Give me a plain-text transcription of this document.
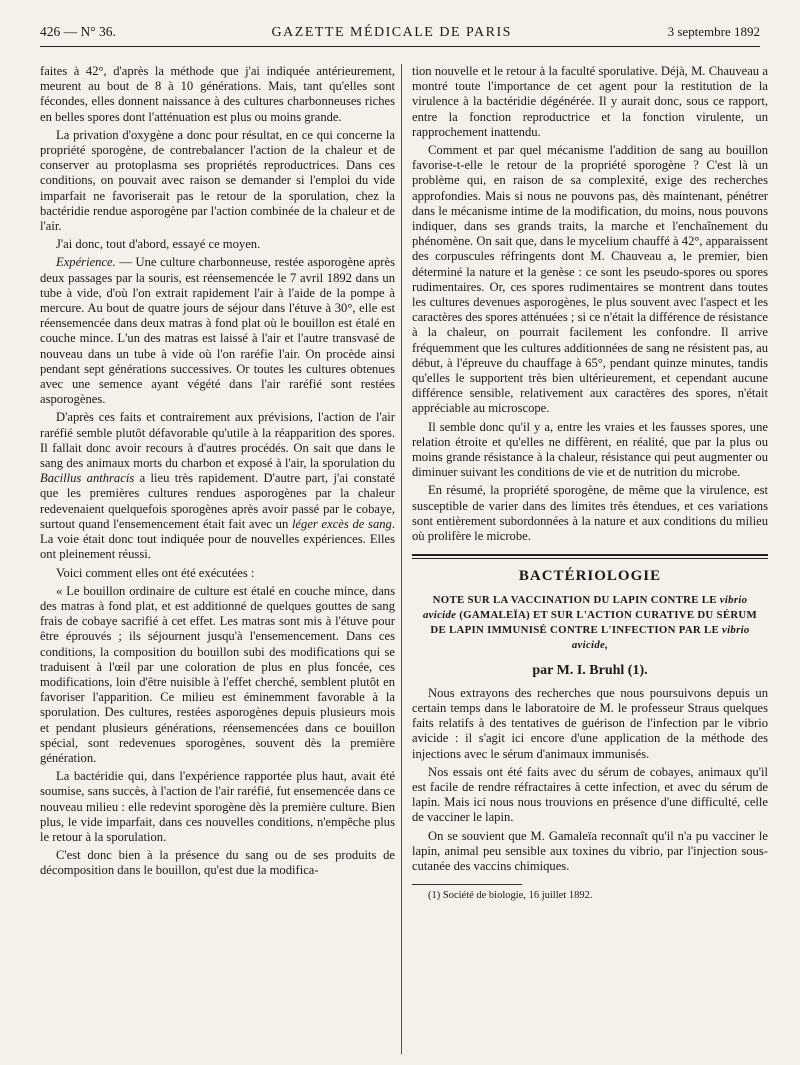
426 — N° 36.	GAZETTE MÉDICALE DE PARIS	3 septembre 1892

faites à 42°, d'après la méthode que j'ai indiquée antérieurement, meurent au bout de 8 à 10 générations. Mais, tant qu'elles sont fécondes, elles donnent naissance à des cultures charbonneuses riches en belles spores dont l'atténuation est plus ou moins grande.

La privation d'oxygène a donc pour résultat, en ce qui concerne la propriété sporogène, de contrebalancer l'action de la chaleur et de conserver au protoplasma ses propriétés reproductrices. Dans ces conditions, on pouvait avec raison se demander si l'emploi du vide imparfait ne favoriserait pas le retour de la sporulation, chez la bactéridie rendue asporogène par l'action combinée de la chaleur et de l'air.

J'ai donc, tout d'abord, essayé ce moyen.

Expérience. — Une culture charbonneuse, restée asporogène après deux passages par la souris, est réensemencée le 7 avril 1892 dans un tube à vide, d'où l'on extrait rapidement l'air à l'aide de la pompe à mercure. Au bout de quatre jours de séjour dans l'étuve à 30°, elle est réensemencée dans deux matras à fond plat où le bouillon est étalé en couche mince. L'un des matras est laissé à l'air et l'autre transvasé de nouveau dans un tube à vide où l'on raréfie l'air. On procède ainsi pendant sept générations successives. Or toutes les cultures obtenues avec une semence ayant végété dans l'air raréfié sont restées asporogènes.

D'après ces faits et contrairement aux prévisions, l'action de l'air raréfié semble plutôt défavorable qu'utile à la réapparition des spores. Il fallait donc avoir recours à d'autres procédés. On sait que dans le sang des animaux morts du charbon et exposé à l'air, la sporulation du Bacillus anthracis a lieu très rapidement. D'autre part, j'ai constaté que les premières cultures rendues asporogènes par la chaleur redevenaient quelquefois sporogènes après avoir passé par le cobaye, surtout quand l'ensemencement était fait avec un léger excès de sang. La voie était donc tout indiquée pour de nouvelles expériences. Elles ont pleinement réussi.

Voici comment elles ont été exécutées :

« Le bouillon ordinaire de culture est étalé en couche mince, dans des matras à fond plat, et est additionné de quelques gouttes de sang frais de cobaye sacrifié à cet effet. Les matras sont mis à l'étuve pour être éprouvés ; ils séjournent jusqu'à l'ensemencement. Dans ces conditions, la composition du bouillon subi des modifications qui se traduisent à l'œil par une coloration de plus en plus foncée, ces modifications, loin d'être nuisible à l'effet cherché, semblent plutôt en favoriser l'apparition. Ce milieu est éminemment favorable à la sporulation. Des cultures, restées asporogènes depuis plusieurs mois et pendant plusieurs générations, réensemencées dans ce bouillon spécial, sont redevenues sporogènes, souvent dès la première génération.

La bactéridie qui, dans l'expérience rapportée plus haut, avait été soumise, sans succès, à l'action de l'air raréfié, fut ensemencée dans ce nouveau milieu : elle redevint sporogène dès la première culture. Bien plus, le vide imparfait, dans ces nouvelles conditions, n'empêche plus le retour à la sporulation.

C'est donc bien à la présence du sang ou de ses produits de décomposition dans le bouillon, qu'est due la modifica-

tion nouvelle et le retour à la faculté sporulative. Déjà, M. Chauveau a montré toute l'importance de cet agent pour la restitution de la virulence à la bactéridie dégénérée. Il y aurait donc, sous ce rapport, entre la fonction reproductrice et la fonction virulente, un rapprochement inattendu.

Comment et par quel mécanisme l'addition de sang au bouillon favorise-t-elle le retour de la propriété sporogène ? C'est là un problème qui, en raison de sa complexité, exige des recherches approfondies. Mais si nous ne pouvons pas, dès maintenant, pénétrer dans le mécanisme intime de la modification, du moins, nous pouvons indiquer, dans ses grands traits, la marche et l'enchaînement du phénomène. On sait que, dans le mycelium chauffé à 42°, apparaissent des corpuscules réfringents dont M. Chauveau a, le premier, bien déterminé la nature et la genèse : ce sont les pseudo-spores ou spores rudimentaires. Or, ces spores rudimentaires se montrent dans toutes les cultures devenues asporogènes, le plus souvent avec l'aspect et les caractères des spores atténuées ; si ce n'était la différence de résistance à la chaleur, on pourrait facilement les confondre. Il arrive fréquemment que les cultures additionnées de sang ne résistent pas, au début, à l'épreuve du chauffage à 65°, pendant quinze minutes, tandis qu'elles le supportent très bien ultérieurement, et cependant aucune différence sensible, relativement aux caractères des spores, n'était appréciable au microscope.

Il semble donc qu'il y a, entre les vraies et les fausses spores, une relation étroite et qu'elles ne diffèrent, en réalité, que par la plus ou moins grande résistance à la chaleur, résistance qui peut augmenter ou diminuer suivant les conditions de vie et de nutrition du microbe.

En résumé, la propriété sporogène, de même que la virulence, est susceptible de varier dans des limites très étendues, et ces variations sont entièrement subordonnées à la nature et aux conditions du milieu où prolifère le microbe.

BACTÉRIOLOGIE
NOTE SUR LA VACCINATION DU LAPIN CONTRE LE vibrio avicide (GAMALEÏA) ET SUR L'ACTION CURATIVE DU SÉRUM DE LAPIN IMMUNISÉ CONTRE L'INFECTION PAR LE vibrio avicide,
par M. I. Bruhl (1).

Nous extrayons des recherches que nous poursuivons depuis un certain temps dans le laboratoire de M. le professeur Straus quelques faits relatifs à des tentatives de guérison de l'infection par le vibrio avicide : il s'agit ici encore d'une application de la méthode des injections avec le sérum d'animaux immunisés.

Nos essais ont été faits avec du sérum de cobayes, animaux qu'il est facile de rendre réfractaires à cette infection, et avec du sérum de lapin. Mais ici nous nous trouvions en présence d'une difficulté, celle de vacciner le lapin.

On se souvient que M. Gamaleïa reconnaît qu'il n'a pu vacciner le lapin, animal peu sensible aux toxines du vibrio, par l'injection sous-cutanée des vaccins chimiques.

(1) Société de biologie, 16 juillet 1892.
